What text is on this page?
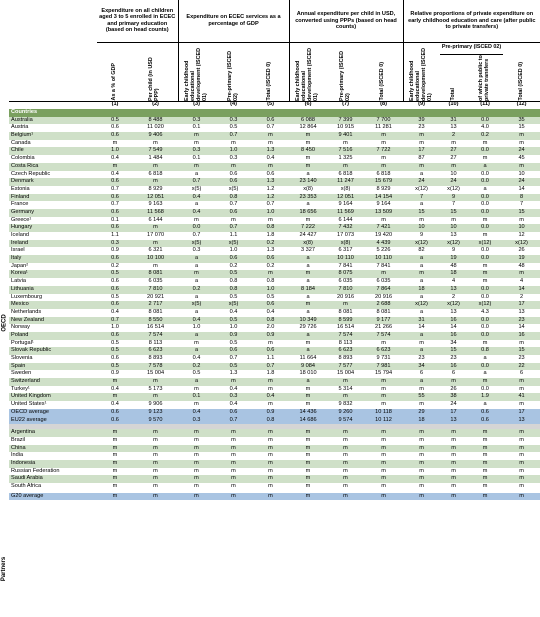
OECD
Partners
	Expenditure on all children aged 3 to 5 enrolled in ECEC and primary education (based on head counts)		Expenditure on ECEC services as a percentage of GDP			Annual expenditure per child in USD, converted using PPPs (based on head counts)			Relative proportions of private expenditure on early childhood education and care (after public to private transfers)			

	As a % of GDP	Per child (in USD PPP)	Early childhood educational development (ISCED 01)	Pre-primary (ISCED 02)	Total (ISCED 0)	Early childhood educational development (ISCED 01)	Pre-primary (ISCED 02)	Total (ISCED 0)	Early childhood educational development (ISCED 01)	Pre-primary (ISCED 02)		Total (ISCED 0)

										Total	of which public to private transfers	

	(1)	(2)	(3)	(4)	(5)	(6)	(7)	(8)	(9)	(10)	(11)	(12)
Countries												
Australia	0.5	8 488	0.3	0.3	0.6	6 088	7 399	7 700	39	31	0.0	35
Austria	0.6	11 020	0.1	0.5	0.7	12 864	10 915	11 281	23	13	4.0	15
Belgium¹	0.6	9 406	m	0.7	m	m	9 401	m	m	2	0.2	m
Canada	m	m	m	m	m	m	m	m	m	m	m	m
Chile	1.0	7 549	0.3	1.0	1.3	8 450	7 516	7 722	17	27	0.0	24
Colombia	0.4	1 484	0.1	0.3	0.4	m	1 325	m	87	27	m	45
Costa Rica	m	m	m	m	m	m	m	m	m	m	a	m
Czech Republic	0.4	6 818	a	0.6	0.6	a	6 818	6 818	a	10	0.0	10
Denmark	0.6	m	0.7	0.6	1.3	23 140	11 247	15 679	24	24	0.0	24
Estonia	0.7	8 929	x(5)	x(5)	1.2	x(8)	x(8)	8 929	x(12)	x(12)	a	14
Finland	0.6	12 051	0.4	0.8	1.2	23 353	12 051	14 154	7	9	0.0	8
France	0.7	9 163	a	0.7	0.7	a	9 164	9 164	a	7	0.0	7
Germany	0.6	11 568	0.4	0.6	1.0	18 656	11 569	13 509	15	15	0.0	15
Greece¹	0.1	6 144	m	m	m	m	6 144	m	m	m	m	m
Hungary	0.6	m	0.0	0.7	0.8	7 222	7 432	7 421	10	10	0.0	10
Iceland	1.1	17 070	0.7	1.1	1.8	24 427	17 073	19 420	9	13	m	12
Ireland	0.3	m	x(5)	x(5)	0.2	x(8)	x(8)	4 439	x(12)	x(12)	x(12)	x(12)
Israel	0.9	6 321	0.3	1.0	1.3	3 327	6 317	5 226	82	9	0.0	26
Italy	0.6	10 100	a	0.6	0.6	a	10 110	10 110	a	19	0.0	19
Japan²	0.2	m	a	0.2	0.2	a	7 841	7 841	a	48	m	48
Korea¹	0.5	8 081	m	0.5	m	m	8 075	m	m	18	m	m
Latvia	0.6	6 035	a	0.8	0.8	a	6 035	6 035	a	4	m	4
Lithuania	0.6	7 810	0.2	0.8	1.0	8 184	7 810	7 864	18	13	0.0	14
Luxembourg	0.5	20 921	a	0.5	0.5	a	20 916	20 916	a	2	0.0	2
Mexico	0.6	2 717	x(5)	x(5)	0.6	m	m	2 688	x(12)	x(12)	x(12)	17
Netherlands	0.4	8 081	a	0.4	0.4	a	8 081	8 081	a	13	4.3	13
New Zealand	0.7	8 550	0.4	0.5	0.8	10 349	8 599	9 177	31	16	0.0	23
Norway	1.0	16 514	1.0	1.0	2.0	29 726	16 514	21 266	14	14	0.0	14
Poland	0.6	7 574	a	0.9	0.9	a	7 574	7 574	a	16	0.0	16
Portugal¹	0.5	8 113	m	0.5	m	m	8 113	m	m	34	m	m
Slovak Republic	0.5	6 623	a	0.6	0.6	a	6 623	6 623	a	15	0.8	15
Slovenia	0.6	8 893	0.4	0.7	1.1	11 664	8 893	9 731	23	23	a	23
Spain	0.5	7 578	0.2	0.5	0.7	9 084	7 577	7 981	34	16	0.0	22
Sweden	0.9	15 004	0.5	1.3	1.8	18 010	15 004	15 794	6	6	a	6
Switzerland	m	m	a	m	m	a	m	m	a	m	m	m
Turkey¹	0.4	5 173	m	0.4	m	m	5 314	m	m	26	0.0	m
United Kingdom	m	m	0.1	0.3	0.4	m	m	m	55	38	1.9	41
United States¹	0.4	9 906	m	0.4	m	m	9 832	m	m	24	a	m
OECD average	0.6	9 123	0.4	0.6	0.9	14 436	9 260	10 118	29	17	0.6	17
EU22 average	0.6	9 570	0.3	0.7	0.8	14 686	9 574	10 112	18	13	0.6	13

Argentina	m	m	m	m	m	m	m	m	m	m	m	m
Brazil	m	m	m	m	m	m	m	m	m	m	m	m
China	m	m	m	m	m	m	m	m	m	m	m	m
India	m	m	m	m	m	m	m	m	m	m	m	m
Indonesia	m	m	m	m	m	m	m	m	m	m	m	m
Russian Federation	m	m	m	m	m	m	m	m	m	m	m	m
Saudi Arabia	m	m	m	m	m	m	m	m	m	m	m	m
South Africa	m	m	m	m	m	m	m	m	m	m	m	m

G20 average	m	m	m	m	m	m	m	m	m	m	m	m
